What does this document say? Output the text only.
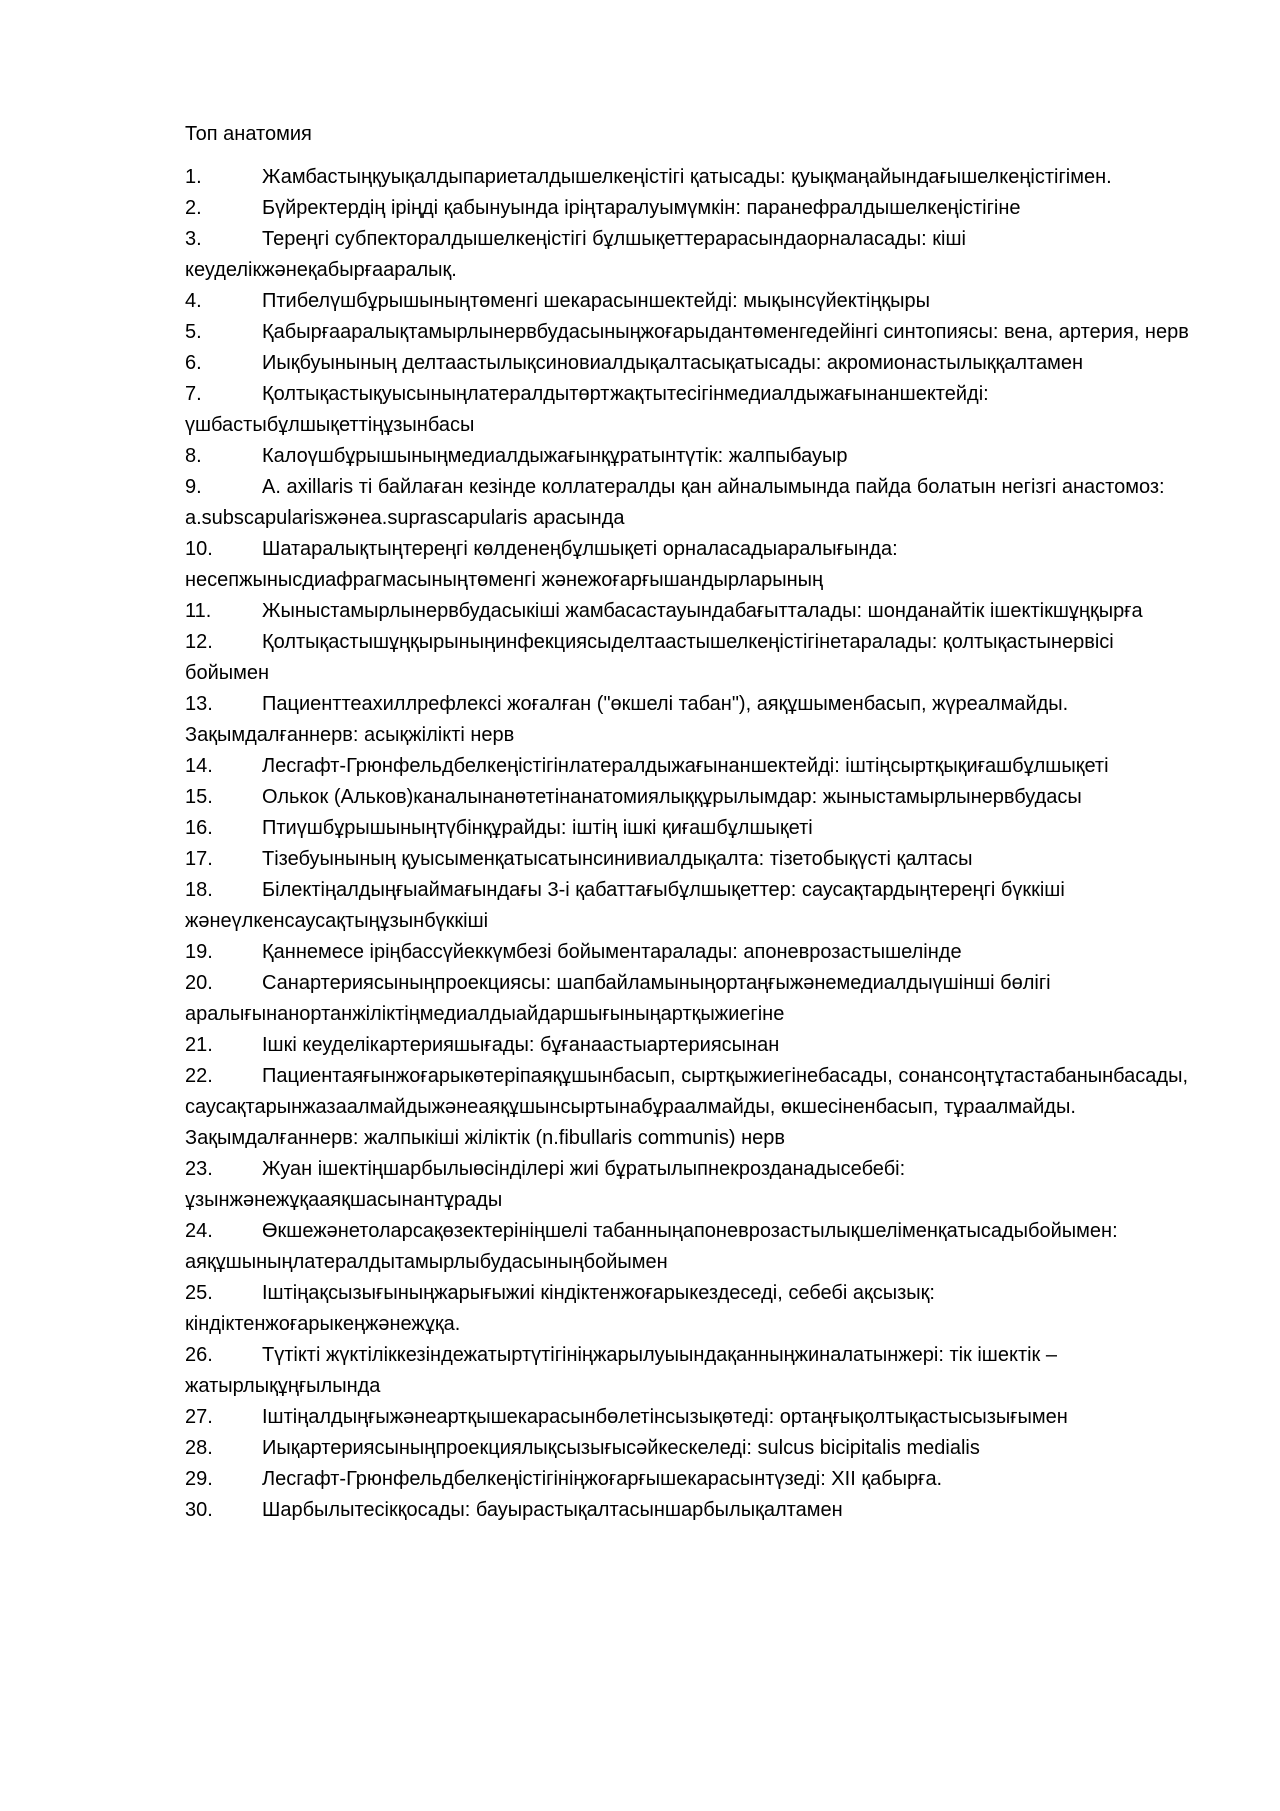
Топ анатомия
1.	Жамбастыңқуықалдыпариеталдышелкеңістігі қатысады: қуықмаңайындағышелкеңістігімен.
2.	Бүйректердің іріңді қабынуында іріңтаралуымүмкін: паранефралдышелкеңістігіне
3.	Тереңгі субпектоpалдышелкеңістігі бұлшықеттерарасындаорналасады: кіші кеуделікжәнеқабырғааралық.
4.	Птибелүшбұрышыныңтөменгі шекарасыншектейді: мықынсүйектіңқыры
5.	Қабырғааралықтамырлынервбудасыныңжоғарыдантөменгедейінгі синтопиясы: вена, артерия, нерв
6.	Иықбуынының делтаастылықсиновиалдықалтасықатысады: акромионастылыққалтамен
7.	Қолтықастықуысыныңлатералдытөртжақтытесігінмедиалдыжағынаншектейді: үшбастыбұлшықеттіңұзынбасы
8.	Калоүшбұрышыныңмедиалдыжағынқұратынтүтік: жалпыбауыр
9.	A. axillaris ті байлаған кезінде коллатералды қан айналымында пайда болатын негізгі анастомоз: a.subscapularisжәнеа.suprascapularis арасында
10. Шатаралықтыңтереңгі көлденеңбұлшықеті орналасадыаралығында: несепжынысдиафрагмасыныңтөменгі жәнежоғарғышандырларының
11.	Жыныстамырлынервбудасыкіші жамбасастауындабағытталады: шонданайтік ішектікшұңқырға
12. Қолтықастышұңқырыныңинфекциясыделтаастышелкеңістігінетаралады: қолтықастынервісі бойымен
13. Пациенттеахиллрефлексі жоғалған ("өкшелі табан"), аяқұшыменбасып, жүреалмайды. Зақымдалғаннерв: асықжілікті нерв
14. Лесгафт-Грюнфельдбелкеңістігінлатералдыжағынаншектейді: іштіңсыртқықиғашбұлшықеті
15. Олькок (Альков)каналынанөтетінанатомиялыққұрылымдар: жыныстамырлынервбудасы
16. Птиүшбұрышыныңтүбінқұрайды: іштің ішкі қиғашбұлшықеті
17. Тізебуынының қуысыменқатысатынсинивиалдықалта: тізетобықүсті қалтасы
18. Білектіңалдыңғыаймағындағы 3-і қабаттағыбұлшықеттер: саусақтардыңтереңгі бүккіші жәнеүлкенсаусақтыңұзынбүккіші
19. Қаннемесе іріңбассүйеккүмбезі бойыментаралады: апоневрозастышелінде
20. Санартериясыныңпроекциясы: шапбайламыныңортаңғыжәнемедиалдыүшінші бөлігі аралығынанортанжіліктіңмедиалдыайдаршығыныңартқыжиегіне
21. Ішкі кеуделікартерияшығады: бұғанаастыартериясынан
22. Пациентаяғынжоғарыкөтеріпаяқұшынбасып, сыртқыжиегінебасады, сонансоңтұтастабанынбасады, саусақтарынжазаалмайдыжәнеаяқұшынсыртынабұраалмайды, өкшесіненбасып, тұраалмайды. Зақымдалғаннерв: жалпыкіші жіліктік (n.fibullaris communis) нерв
23. Жуан ішектіңшарбылыөсінділері жиі бұратылыпнекрозданадысебебі: ұзынжәнежұқааяқшасынантұрады
24. Өкшежәнетоларсақөзектерініңшелі табанныңапоневрозастылықшеліменқатысадыбойымен: аяқұшыныңлатералдытамырлыбудасыныңбойымен
25. Іштіңақсызығыныңжарығыжиі кіндіктенжоғарыкездеседі, себебі ақсызық: кіндіктенжоғарыкеңжәнежұқа.
26. Түтікті жүктіліккезіндежатыртүтігініңжарылуыындақанныңжиналатынжері: тік ішектік – жатырлықұңғылында
27. Іштіңалдыңғыжәнеартқышекарасынбөлетінсызықөтеді: ортаңғықолтықастысызығымен
28. Иықартериясыныңпроекциялықсызығысәйкескеледі: sulcus bicipitalis medialis
29. Лесгафт-Грюнфельдбелкеңістігініңжоғарғышекарасынтүзеді: XII қабырға.
30. Шарбылытесікқосады: бауырастықалтасыншарбылықалтамен
